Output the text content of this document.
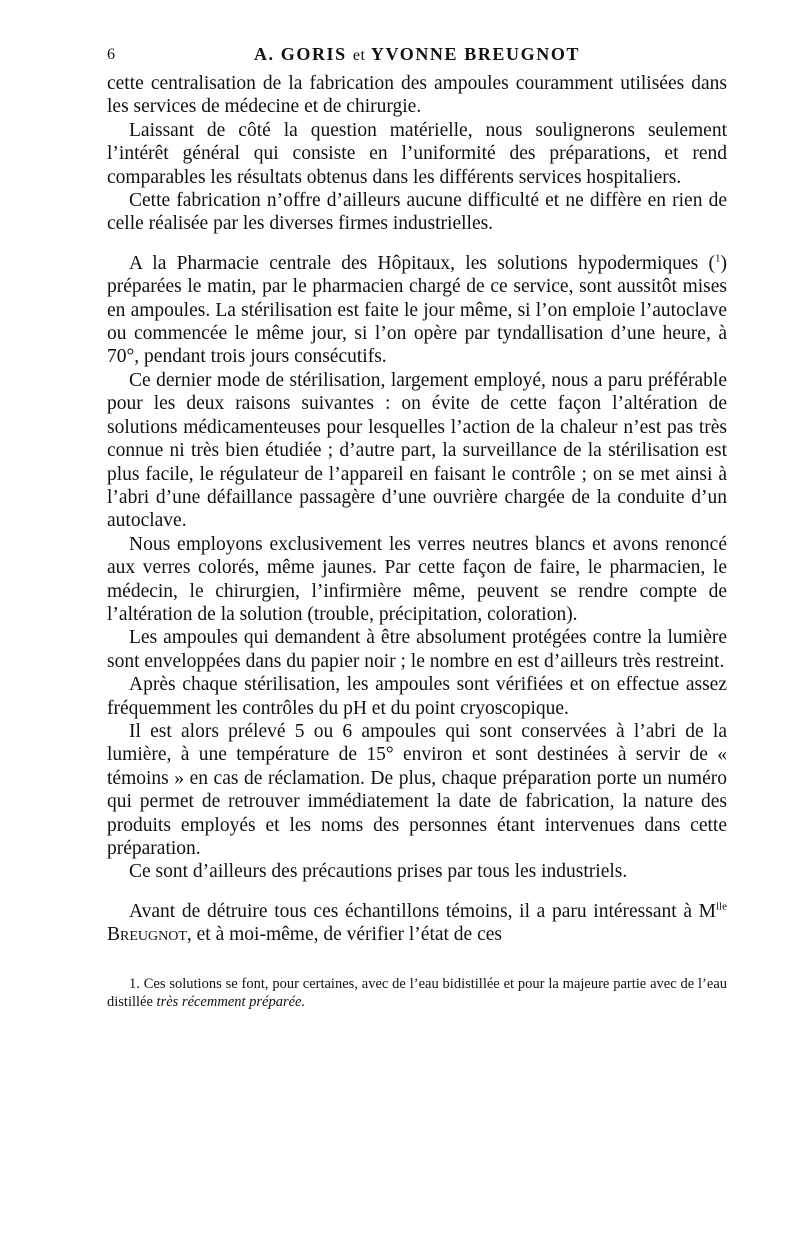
6	A. GORIS et YVONNE BREUGNOT

cette centralisation de la fabrication des ampoules couramment utilisées dans les services de médecine et de chirurgie.

Laissant de côté la question matérielle, nous soulignerons seulement l’intérêt général qui consiste en l’uniformité des préparations, et rend comparables les résultats obtenus dans les différents services hospitaliers.

Cette fabrication n’offre d’ailleurs aucune difficulté et ne diffère en rien de celle réalisée par les diverses firmes industrielles.

A la Pharmacie centrale des Hôpitaux, les solutions hypodermiques ($^1$) préparées le matin, par le pharmacien chargé de ce service, sont aussitôt mises en ampoules. La stérilisation est faite le jour même, si l’on emploie l’autoclave ou commencée le même jour, si l’on opère par tyndallisation d’une heure, à 70°, pendant trois jours consécutifs.

Ce dernier mode de stérilisation, largement employé, nous a paru préférable pour les deux raisons suivantes : on évite de cette façon l’altération de solutions médicamenteuses pour lesquelles l’action de la chaleur n’est pas très connue ni très bien étudiée ; d’autre part, la surveillance de la stérilisation est plus facile, le régulateur de l’appareil en faisant le contrôle ; on se met ainsi à l’abri d’une défaillance passagère d’une ouvrière chargée de la conduite d’un autoclave.

Nous employons exclusivement les verres neutres blancs et avons renoncé aux verres colorés, même jaunes. Par cette façon de faire, le pharmacien, le médecin, le chirurgien, l’infirmière même, peuvent se rendre compte de l’altération de la solution (trouble, précipitation, coloration).

Les ampoules qui demandent à être absolument protégées contre la lumière sont enveloppées dans du papier noir ; le nombre en est d’ailleurs très restreint.

Après chaque stérilisation, les ampoules sont vérifiées et on effectue assez fréquemment les contrôles du pH et du point cryoscopique.

Il est alors prélevé 5 ou 6 ampoules qui sont conservées à l’abri de la lumière, à une température de 15° environ et sont destinées à servir de « témoins » en cas de réclamation. De plus, chaque préparation porte un numéro qui permet de retrouver immédiatement la date de fabrication, la nature des produits employés et les noms des personnes étant intervenues dans cette préparation.

Ce sont d’ailleurs des précautions prises par tous les industriels.

Avant de détruire tous ces échantillons témoins, il a paru intéressant à $M^{lle}$ Breugnot, et à moi-même, de vérifier l’état de ces

1. Ces solutions se font, pour certaines, avec de l’eau bidistillée et pour la majeure partie avec de l’eau distillée très récemment préparée.
